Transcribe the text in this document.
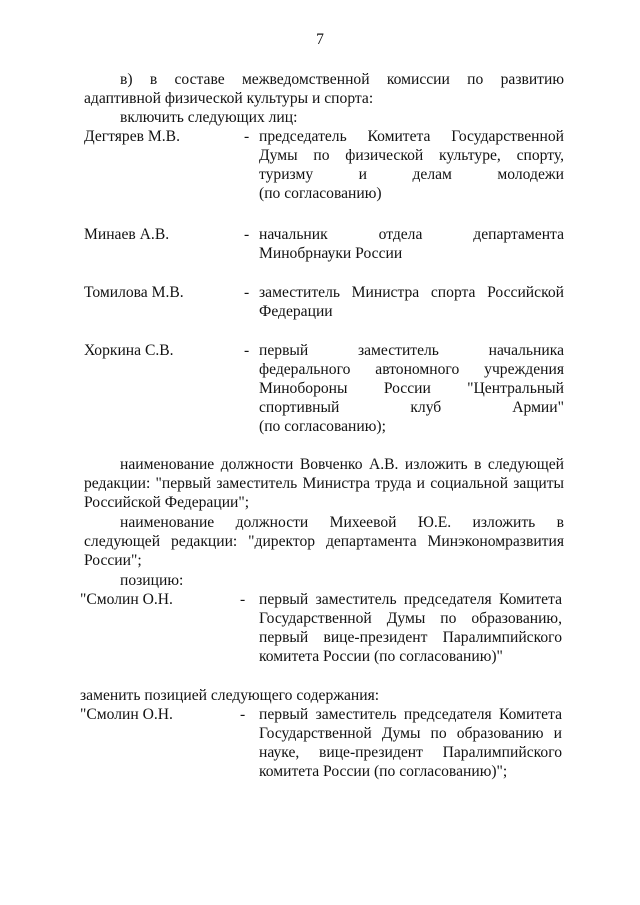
7
в) в составе межведомственной комиссии по развитию
адаптивной физической культуры и спорта:
включить следующих лиц:
Дегтярев М.В.	- председатель Комитета Государственной
Думы по физической культуре, спорту,
туризму и делам молодежи
(по согласованию)
Минаев А.В.	- начальник отдела департамента
Минобрнауки России
Томилова М.В.	- заместитель Министра спорта Российской
Федерации
Хоркина С.В.	- первый заместитель начальника
федерального автономного учреждения
Минобороны России "Центральный
спортивный клуб Армии"
(по согласованию);
наименование должности Вовченко А.В. изложить в следующей
редакции: "первый заместитель Министра труда и социальной защиты
Российской Федерации";
наименование должности Михеевой Ю.Е. изложить в
следующей редакции: "директор департамента Минэкономразвития
России";
позицию:
"Смолин О.Н.	- первый заместитель председателя Комитета
Государственной Думы по образованию,
первый вице-президент Паралимпийского
комитета России (по согласованию)"
заменить позицией следующего содержания:
"Смолин О.Н.	- первый заместитель председателя Комитета
Государственной Думы по образованию и
науке, вице-президент Паралимпийского
комитета России (по согласованию)";
